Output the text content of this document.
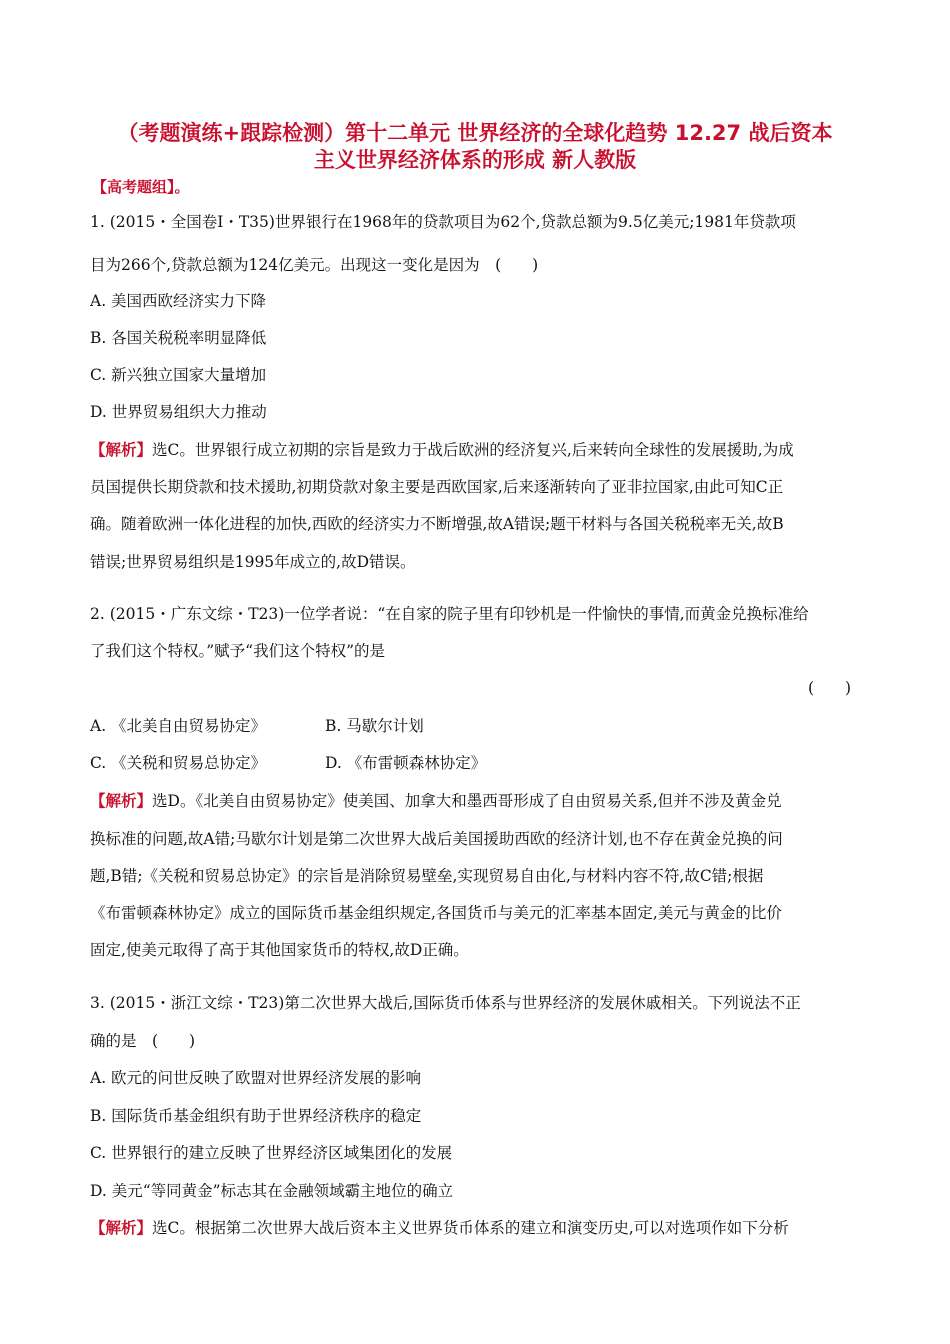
（考题演练+跟踪检测）第十二单元 世界经济的全球化趋势 12.27 战后资本
主义世界经济体系的形成 新人教版
【高考题组】。
1. (2015・全国卷Ⅰ・T35)世界银行在1968年的贷款项目为62个,贷款总额为9.5亿美元;1981年贷款项
目为266个,贷款总额为124亿美元。出现这一变化是因为　(　　)
A. 美国西欧经济实力下降
B. 各国关税税率明显降低
C. 新兴独立国家大量增加
D. 世界贸易组织大力推动
【解析】选C。世界银行成立初期的宗旨是致力于战后欧洲的经济复兴,后来转向全球性的发展援助,为成
员国提供长期贷款和技术援助,初期贷款对象主要是西欧国家,后来逐渐转向了亚非拉国家,由此可知C正
确。随着欧洲一体化进程的加快,西欧的经济实力不断增强,故A错误;题干材料与各国关税税率无关,故B
错误;世界贸易组织是1995年成立的,故D错误。
2. (2015・广东文综・T23)一位学者说：“在自家的院子里有印钞机是一件愉快的事情,而黄金兑换标准给
了我们这个特权。”赋予“我们这个特权”的是
(　　)
A. 《北美自由贸易协定》	B. 马歇尔计划
C. 《关税和贸易总协定》	D. 《布雷顿森林协定》
【解析】选D。《北美自由贸易协定》使美国、加拿大和墨西哥形成了自由贸易关系,但并不涉及黄金兑
换标准的问题,故A错;马歇尔计划是第二次世界大战后美国援助西欧的经济计划,也不存在黄金兑换的问
题,B错;《关税和贸易总协定》的宗旨是消除贸易壁垒,实现贸易自由化,与材料内容不符,故C错;根据
《布雷顿森林协定》成立的国际货币基金组织规定,各国货币与美元的汇率基本固定,美元与黄金的比价
固定,使美元取得了高于其他国家货币的特权,故D正确。
3. (2015・浙江文综・T23)第二次世界大战后,国际货币体系与世界经济的发展休戚相关。下列说法不正
确的是　(　　)
A. 欧元的问世反映了欧盟对世界经济发展的影响
B. 国际货币基金组织有助于世界经济秩序的稳定
C. 世界银行的建立反映了世界经济区域集团化的发展
D. 美元“等同黄金”标志其在金融领域霸主地位的确立
【解析】选C。根据第二次世界大战后资本主义世界货币体系的建立和演变历史,可以对选项作如下分析
